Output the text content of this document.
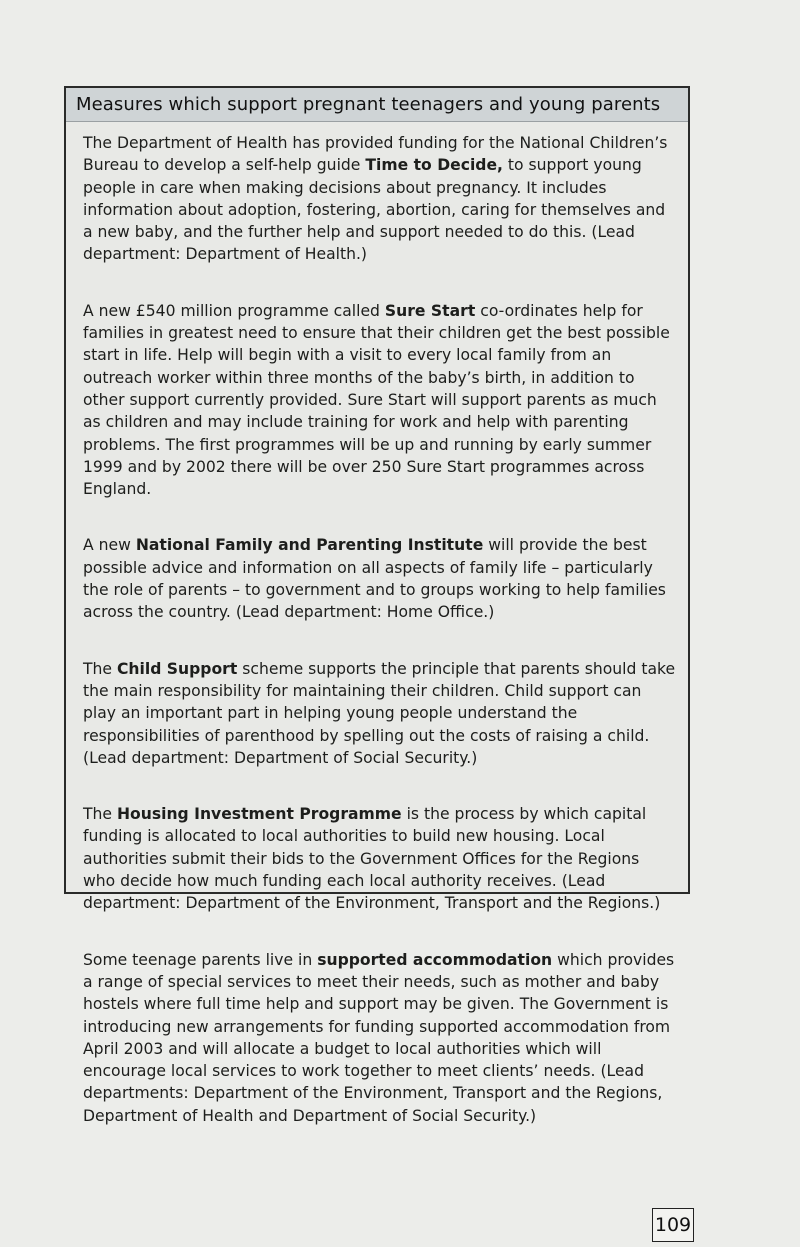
Measures which support pregnant teenagers and young parents

The Department of Health has provided funding for the National Children’s Bureau to develop a self-help guide Time to Decide, to support young people in care when making decisions about pregnancy. It includes information about adoption, fostering, abortion, caring for themselves and a new baby, and the further help and support needed to do this. (Lead department: Department of Health.)

A new £540 million programme called Sure Start co-ordinates help for families in greatest need to ensure that their children get the best possible start in life. Help will begin with a visit to every local family from an outreach worker within three months of the baby’s birth, in addition to other support currently provided. Sure Start will support parents as much as children and may include training for work and help with parenting problems. The first programmes will be up and running by early summer 1999 and by 2002 there will be over 250 Sure Start programmes across England.

A new National Family and Parenting Institute will provide the best possible advice and information on all aspects of family life – particularly the role of parents – to government and to groups working to help families across the country. (Lead department: Home Office.)

The Child Support scheme supports the principle that parents should take the main responsibility for maintaining their children. Child support can play an important part in helping young people understand the responsibilities of parenthood by spelling out the costs of raising a child. (Lead department: Department of Social Security.)

The Housing Investment Programme is the process by which capital funding is allocated to local authorities to build new housing. Local authorities submit their bids to the Government Offices for the Regions who decide how much funding each local authority receives. (Lead department: Department of the Environment, Transport and the Regions.)

Some teenage parents live in supported accommodation which provides a range of special services to meet their needs, such as mother and baby hostels where full time help and support may be given. The Government is introducing new arrangements for funding supported accommodation from April 2003 and will allocate a budget to local authorities which will encourage local services to work together to meet clients’ needs. (Lead departments: Department of the Environment, Transport and the Regions, Department of Health and Department of Social Security.)

109
